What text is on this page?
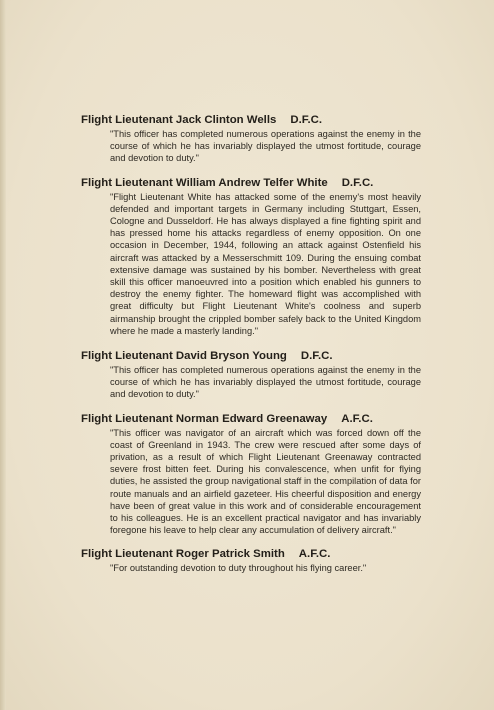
Flight Lieutenant Jack Clinton Wells D.F.C.
"This officer has completed numerous operations against the enemy in the course of which he has invariably displayed the utmost fortitude, courage and devotion to duty."
Flight Lieutenant William Andrew Telfer White D.F.C.
"Flight Lieutenant White has attacked some of the enemy's most heavily defended and important targets in Germany including Stuttgart, Essen, Cologne and Dusseldorf. He has always displayed a fine fighting spirit and has pressed home his attacks regardless of enemy opposition. On one occasion in December, 1944, following an attack against Ostenfield his aircraft was attacked by a Messerschmitt 109. During the ensuing combat extensive damage was sustained by his bomber. Nevertheless with great skill this officer manoeuvred into a position which enabled his gunners to destroy the enemy fighter. The homeward flight was accomplished with great difficulty but Flight Lieutenant White's coolness and superb airmanship brought the crippled bomber safely back to the United Kingdom where he made a masterly landing."
Flight Lieutenant David Bryson Young D.F.C.
"This officer has completed numerous operations against the enemy in the course of which he has invariably displayed the utmost fortitude, courage and devotion to duty."
Flight Lieutenant Norman Edward Greenaway A.F.C.
"This officer was navigator of an aircraft which was forced down off the coast of Greenland in 1943. The crew were rescued after some days of privation, as a result of which Flight Lieutenant Greenaway contracted severe frost bitten feet. During his convalescence, when unfit for flying duties, he assisted the group navigational staff in the compilation of data for route manuals and an airfield gazeteer. His cheerful disposition and energy have been of great value in this work and of considerable encouragement to his colleagues. He is an excellent practical navigator and has invariably foregone his leave to help clear any accumulation of delivery aircraft."
Flight Lieutenant Roger Patrick Smith A.F.C.
"For outstanding devotion to duty throughout his flying career."
